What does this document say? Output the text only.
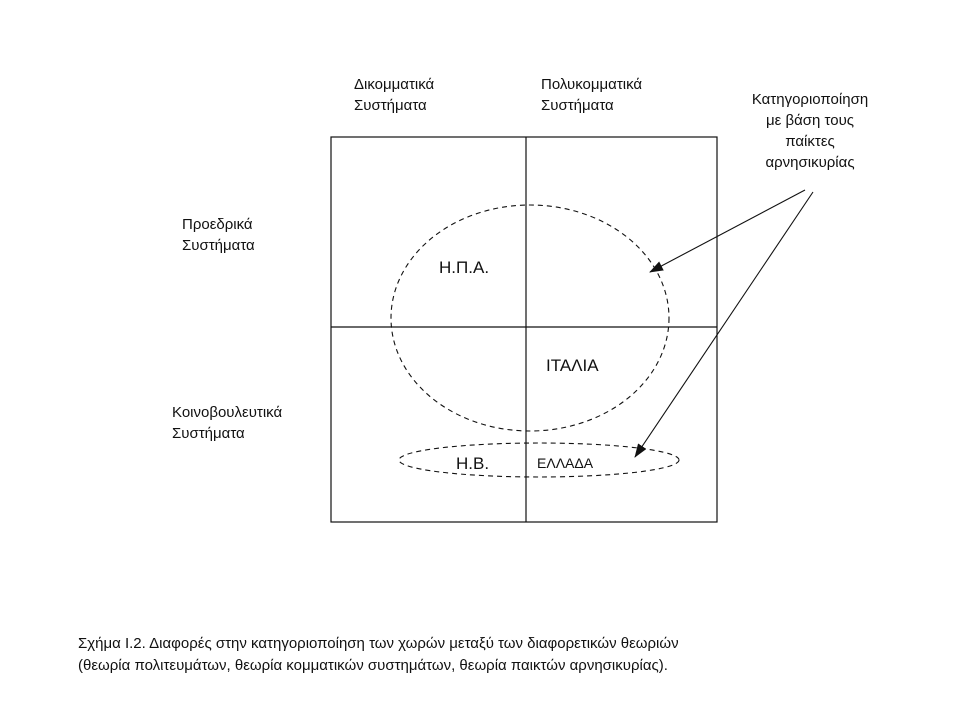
Δικομματικά
Συστήματα
Πολυκομματικά
Συστήματα
Προεδρικά
Συστήματα
Κοινοβουλευτικά
Συστήματα
Κατηγοριοποίηση
με βάση τους
παίκτες
αρνησικυρίας
Η.Π.Α.
ΙΤΑΛΙΑ
Η.Β.	ΕΛΛΑΔΑ
Σχήμα Ι.2. Διαφορές στην κατηγοριοποίηση των χωρών μεταξύ των διαφορετικών θεωριών
(θεωρία πολιτευμάτων, θεωρία κομματικών συστημάτων, θεωρία παικτών αρνησικυρίας).
